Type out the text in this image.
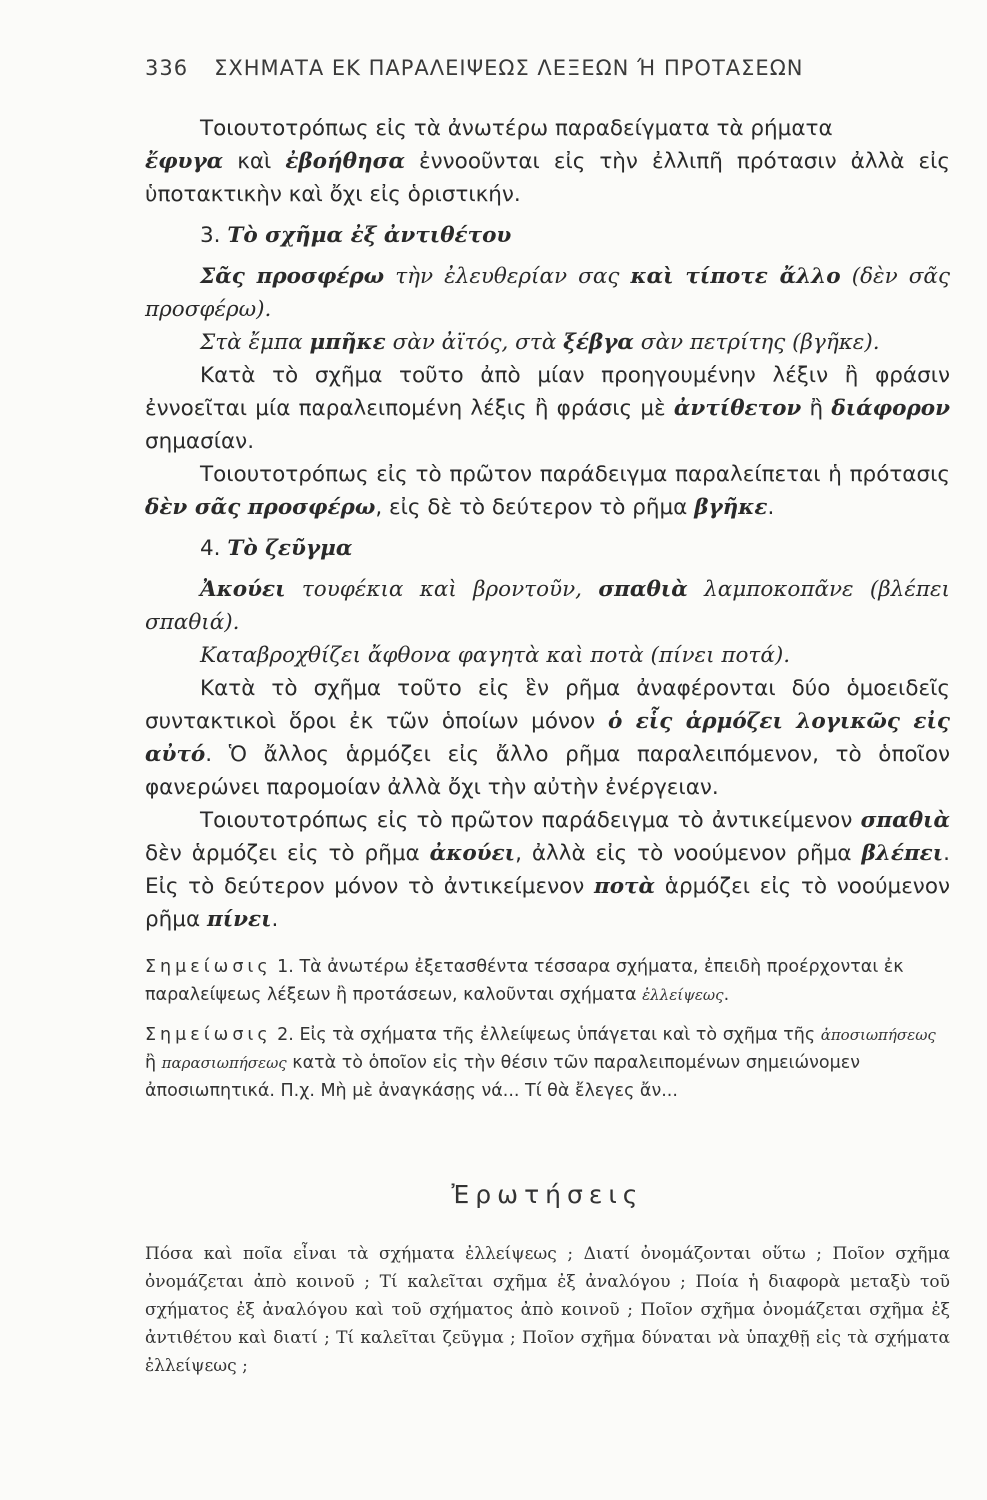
336 ΣΧΗΜΑΤΑ ΕΚ ΠΑΡΑΛΕΙΨΕΩΣ ΛΕΞΕΩΝ Ή ΠΡΟΤΑΣΕΩΝ

Τοιουτοτρόπως εἰς τὰ ἀνωτέρω παραδείγματα τὰ ρήματα
ἔφυγα καὶ ἐβοήθησα ἐννοοῦνται εἰς τὴν ἐλλιπῆ πρότασιν ἀλλὰ εἰς ὑποτακτικὴν καὶ ὄχι εἰς ὁριστικήν.

3. Τὸ σχῆμα ἐξ ἀντιθέτου

Σᾶς προσφέρω τὴν ἐλευθερίαν σας καὶ τίποτε ἄλλο (δὲν σᾶς προσφέρω).

Στὰ ἔμπα μπῆκε σὰν ἀϊτός, στὰ ξέβγα σὰν πετρίτης (βγῆκε).

Κατὰ τὸ σχῆμα τοῦτο ἀπὸ μίαν προηγουμένην λέξιν ἢ φράσιν ἐννοεῖται μία παραλειπομένη λέξις ἢ φράσις μὲ ἀντίθετον ἢ διάφορον σημασίαν.

Τοιουτοτρόπως εἰς τὸ πρῶτον παράδειγμα παραλείπεται ἡ πρότασις δὲν σᾶς προσφέρω, εἰς δὲ τὸ δεύτερον τὸ ρῆμα βγῆκε.

4. Τὸ ζεῦγμα

Ἀκούει τουφέκια καὶ βροντοῦν, σπαθιὰ λαμποκοπᾶνε (βλέπει σπαθιά).

Καταβροχθίζει ἄφθονα φαγητὰ καὶ ποτὰ (πίνει ποτά).

Κατὰ τὸ σχῆμα τοῦτο εἰς ἓν ρῆμα ἀναφέρονται δύο ὁμοειδεῖς συντακτικοὶ ὅροι ἐκ τῶν ὁποίων μόνον ὁ εἷς ἁρμόζει λογικῶς εἰς αὐτό. Ὁ ἄλλος ἁρμόζει εἰς ἄλλο ρῆμα παραλειπόμενον, τὸ ὁποῖον φανερώνει παρομοίαν ἀλλὰ ὄχι τὴν αὐτὴν ἐνέργειαν.

Τοιουτοτρόπως εἰς τὸ πρῶτον παράδειγμα τὸ ἀντικείμενον σπαθιὰ δὲν ἁρμόζει εἰς τὸ ρῆμα ἀκούει, ἀλλὰ εἰς τὸ νοούμενον ρῆμα βλέπει. Εἰς τὸ δεύτερον μόνον τὸ ἀντικείμενον ποτὰ ἁρμόζει εἰς τὸ νοούμενον ρῆμα πίνει.

Σημείωσις 1. Τὰ ἀνωτέρω ἐξετασθέντα τέσσαρα σχήματα, ἐπειδὴ προέρχονται ἐκ παραλείψεως λέξεων ἢ προτάσεων, καλοῦνται σχήματα ἐλλείψεως.
Σημείωσις 2. Εἰς τὰ σχήματα τῆς ἐλλείψεως ὑπάγεται καὶ τὸ σχῆμα τῆς ἀποσιωπήσεως ἢ παρασιωπήσεως κατὰ τὸ ὁποῖον εἰς τὴν θέσιν τῶν παραλειπομένων σημειώνομεν ἀποσιωπητικά. Π.χ. Μὴ μὲ ἀναγκάσῃς νά... Τί θὰ ἔλεγες ἄν...
Ἐρωτήσεις
Πόσα καὶ ποῖα εἶναι τὰ σχήματα ἐλλείψεως ; Διατί ὀνομάζονται οὕτω ; Ποῖον σχῆμα ὀνομάζεται ἀπὸ κοινοῦ ; Τί καλεῖται σχῆμα ἐξ ἀναλόγου ; Ποία ἡ διαφορὰ μεταξὺ τοῦ σχήματος ἐξ ἀναλόγου καὶ τοῦ σχήματος ἀπὸ κοινοῦ ; Ποῖον σχῆμα ὀνομάζεται σχῆμα ἐξ ἀντιθέτου καὶ διατί ; Τί καλεῖται ζεῦγμα ; Ποῖον σχῆμα δύναται νὰ ὑπαχθῇ εἰς τὰ σχήματα ἐλλείψεως ;
